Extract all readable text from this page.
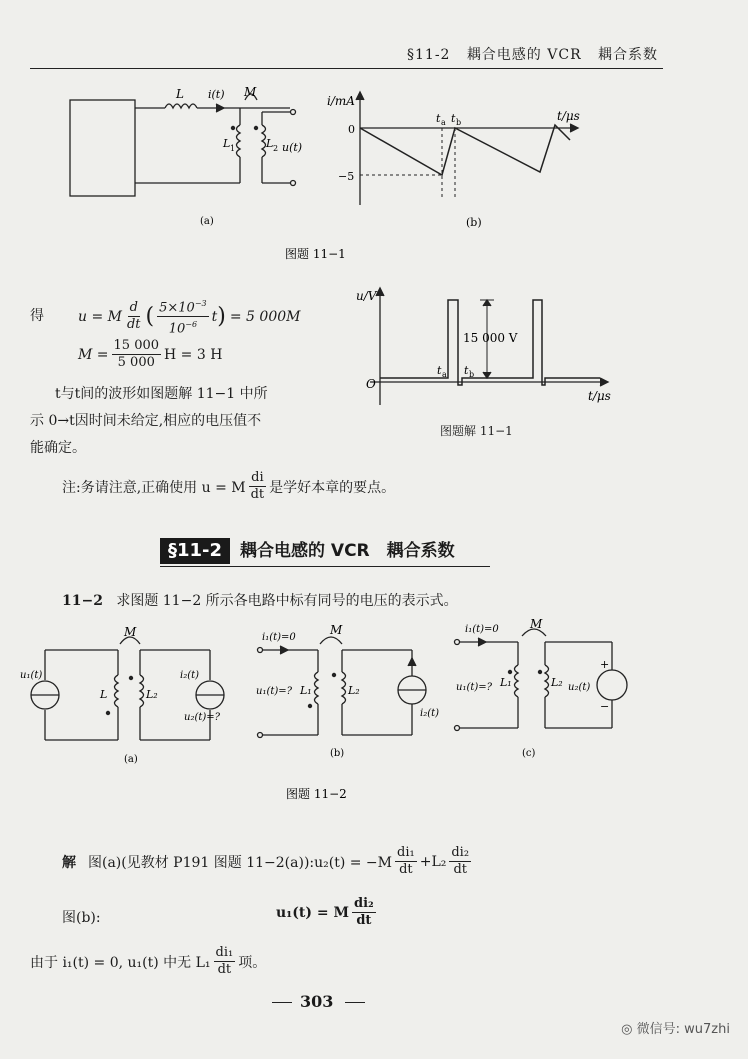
§11-2 耦合电感的 VCR 耦合系数
L i(t) M
L 1	L 2 u(t)
(a)
i/mA
t/μs
0
−5
t a t b
(b)
图题 11−1
u/V
t/μs
O
15 000 V
t a t b
得 u = M $\frac{d}{dt}$ ( $\frac{5\times 10^{-3}}{10^{-6}}$ t ) = 5 000M
$M = \frac{15 000}{5 000}$ H = 3 H
t与t间的波形如图题解 11−1 中所
示 0→t因时间未给定,相应的电压值不
能确定。
图题解 11−1
注:务请注意,正确使用 u = M $\frac{di}{dt}$ 是学好本章的要点。
§11-2	耦合电感的 VCR　耦合系数
11−2 求图题 11−2 所示各电路中标有同号的电压的表示式。
M
u₁(t)
L	L₂
i₂(t)
u₂(t)=?
(a)
i₁(t)=0
M
u₁(t)=? L₁	L₂
i₂(t)
(b)
i₁(t)=0	M
u₁(t)=? L₁	L₂ u₂(t)
+
−
(c)
图题 11−2
解 图(a)(见教材 P191 图题 11−2(a)):u₂(t) = $-M \frac{\text{di₁}}{dt} +L_2 \frac{\text{di₂}}{dt}$
图(b):	u₁(t) = M $\frac{\text{di₂}}{dt}$
由于 i₁(t) = 0, u₁(t) 中无 $L_1 \frac{\text{di₁}}{dt}$ 项。
303
◎ 微信号: wu7zhi
